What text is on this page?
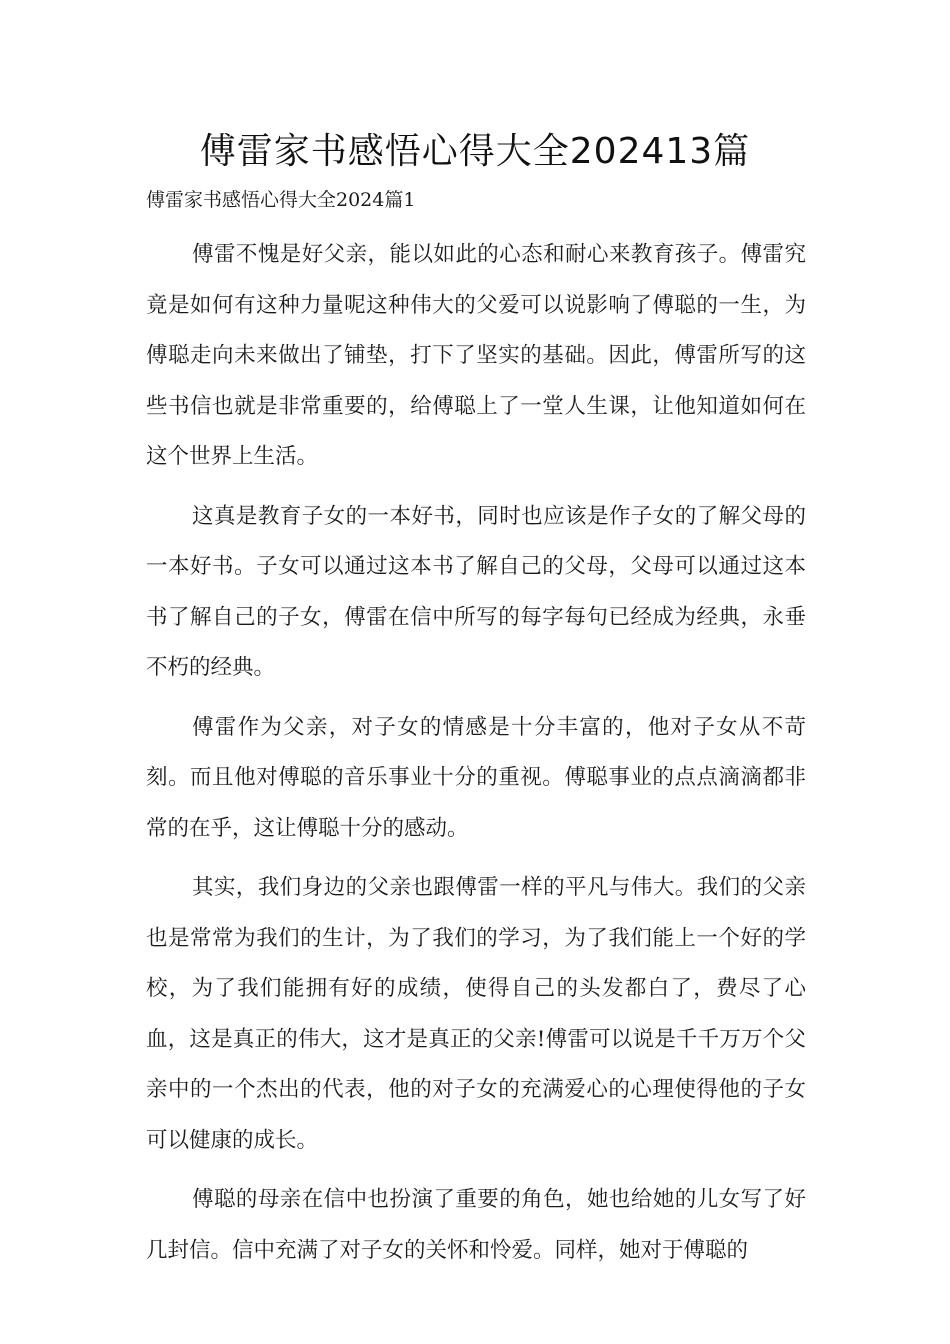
傅雷家书感悟心得大全202413篇

傅雷家书感悟心得大全2024篇1

傅雷不愧是好父亲，能以如此的心态和耐心来教育孩子。傅雷究竟是如何有这种力量呢这种伟大的父爱可以说影响了傅聪的一生，为傅聪走向未来做出了铺垫，打下了坚实的基础。因此，傅雷所写的这些书信也就是非常重要的，给傅聪上了一堂人生课，让他知道如何在这个世界上生活。

这真是教育子女的一本好书，同时也应该是作子女的了解父母的一本好书。子女可以通过这本书了解自己的父母，父母可以通过这本书了解自己的子女，傅雷在信中所写的每字每句已经成为经典，永垂不朽的经典。

傅雷作为父亲，对子女的情感是十分丰富的，他对子女从不苛刻。而且他对傅聪的音乐事业十分的重视。傅聪事业的点点滴滴都非常的在乎，这让傅聪十分的感动。

其实，我们身边的父亲也跟傅雷一样的平凡与伟大。我们的父亲也是常常为我们的生计，为了我们的学习，为了我们能上一个好的学校，为了我们能拥有好的成绩，使得自己的头发都白了，费尽了心血，这是真正的伟大，这才是真正的父亲!傅雷可以说是千千万万个父亲中的一个杰出的代表，他的对子女的充满爱心的心理使得他的子女可以健康的成长。

傅聪的母亲在信中也扮演了重要的角色，她也给她的儿女写了好几封信。信中充满了对子女的关怀和怜爱。同样，她对于傅聪的
